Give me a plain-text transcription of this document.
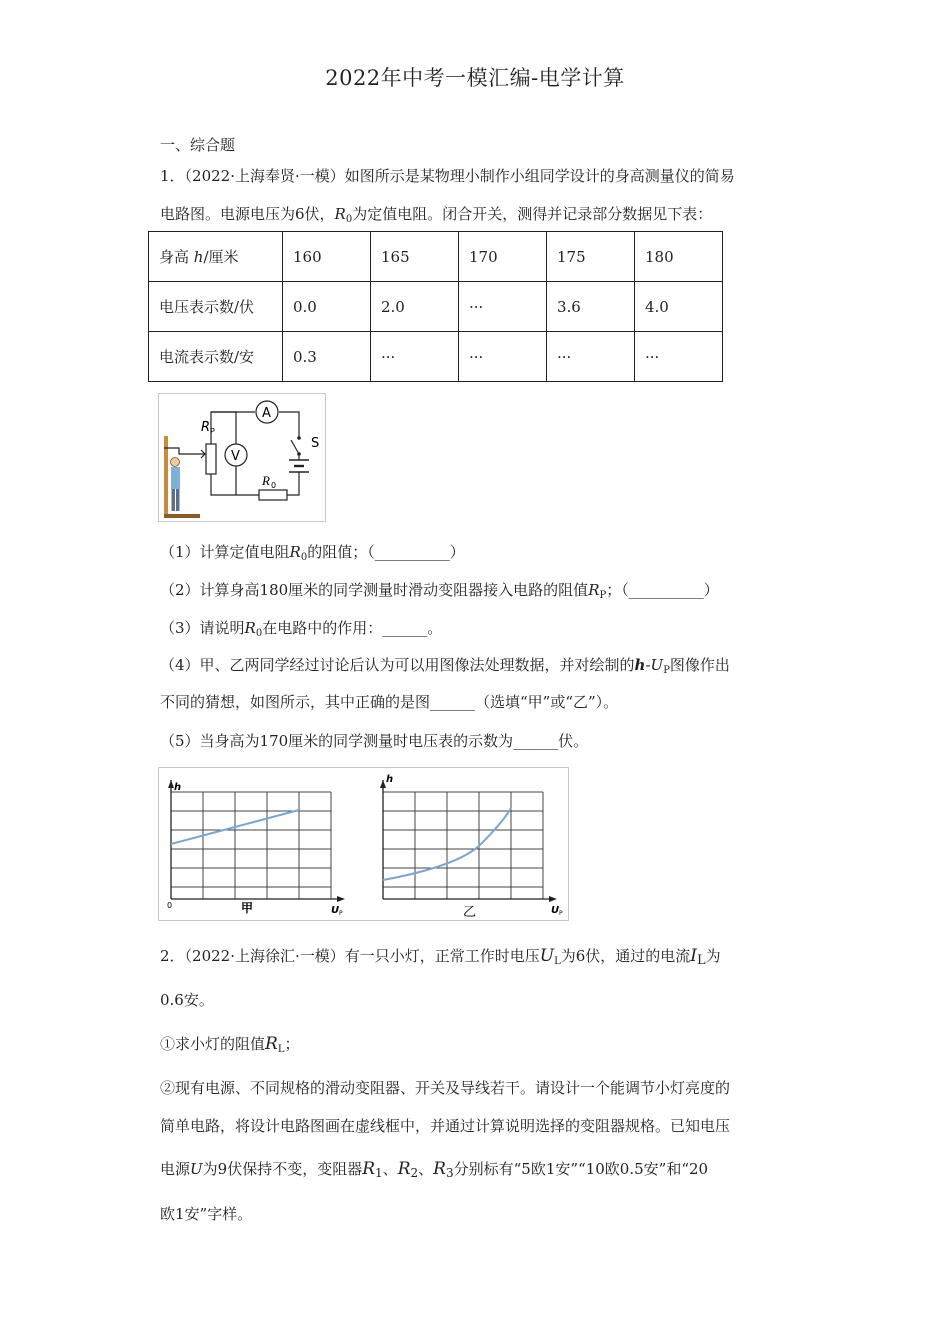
2022年中考一模汇编-电学计算
一、综合题
1．（2022·上海奉贤·一模）如图所示是某物理小制作小组同学设计的身高测量仪的简易
电路图。电源电压为6伏，$R_0$为定值电阻。闭合开关，测得并记录部分数据见下表：
身高 h/厘米	160	165	170	175	180
电压表示数/伏	0.0	2.0	···	3.6	4.0
电流表示数/安	0.3	···	···	···	···
R P
A
V
S
R 0
（1）计算定值电阻$R_0$的阻值；（__________）
（2）计算身高180厘米的同学测量时滑动变阻器接入电路的阻值$R_P$；（__________）
（3）请说明$R_0$在电路中的作用：______。
（4）甲、乙两同学经过讨论后认为可以用图像法处理数据，并对绘制的$h-U_P$图像作出
不同的猜想，如图所示，其中正确的是图______（选填“甲”或“乙”）。
（5）当身高为170厘米的同学测量时电压表的示数为______伏。
h
U P
0	甲
h
U P
乙
2．（2022·上海徐汇·一模）有一只小灯，正常工作时电压$U_L$为6伏，通过的电流$I_L$为
0.6安。
①求小灯的阻值$R_L$；
②现有电源、不同规格的滑动变阻器、开关及导线若干。请设计一个能调节小灯亮度的
简单电路，将设计电路图画在虚线框中，并通过计算说明选择的变阻器规格。已知电压
电源U为9伏保持不变，变阻器$R_1$、$R_2$、$R_3$分别标有“5欧1安”“10欧0.5安”和“20
欧1安”字样。
